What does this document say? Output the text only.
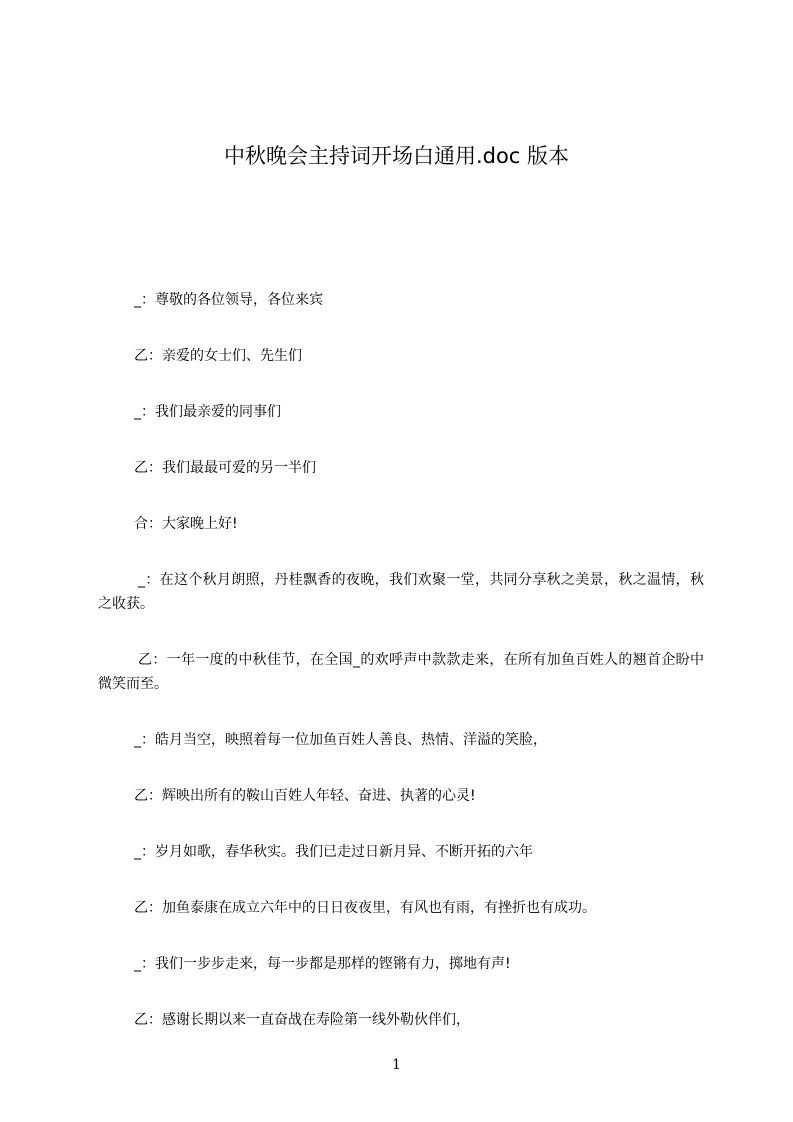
中秋晚会主持词开场白通用.doc 版本

_：尊敬的各位领导，各位来宾

乙：亲爱的女士们、先生们

_：我们最亲爱的同事们

乙：我们最最可爱的另一半们

合：大家晚上好!

_：在这个秋月朗照，丹桂飘香的夜晚，我们欢聚一堂，共同分享秋之美景，秋之温情，秋之收获。

乙：一年一度的中秋佳节，在全国_的欢呼声中款款走来，在所有加鱼百姓人的翘首企盼中微笑而至。

_：皓月当空，映照着每一位加鱼百姓人善良、热情、洋溢的笑脸，

乙：辉映出所有的鞍山百姓人年轻、奋进、执著的心灵!

_：岁月如歌，春华秋实。我们已走过日新月异、不断开拓的六年

乙：加鱼泰康在成立六年中的日日夜夜里，有风也有雨，有挫折也有成功。

_：我们一步步走来，每一步都是那样的铿锵有力，掷地有声!

乙：感谢长期以来一直奋战在寿险第一线外勒伙伴们，

1
